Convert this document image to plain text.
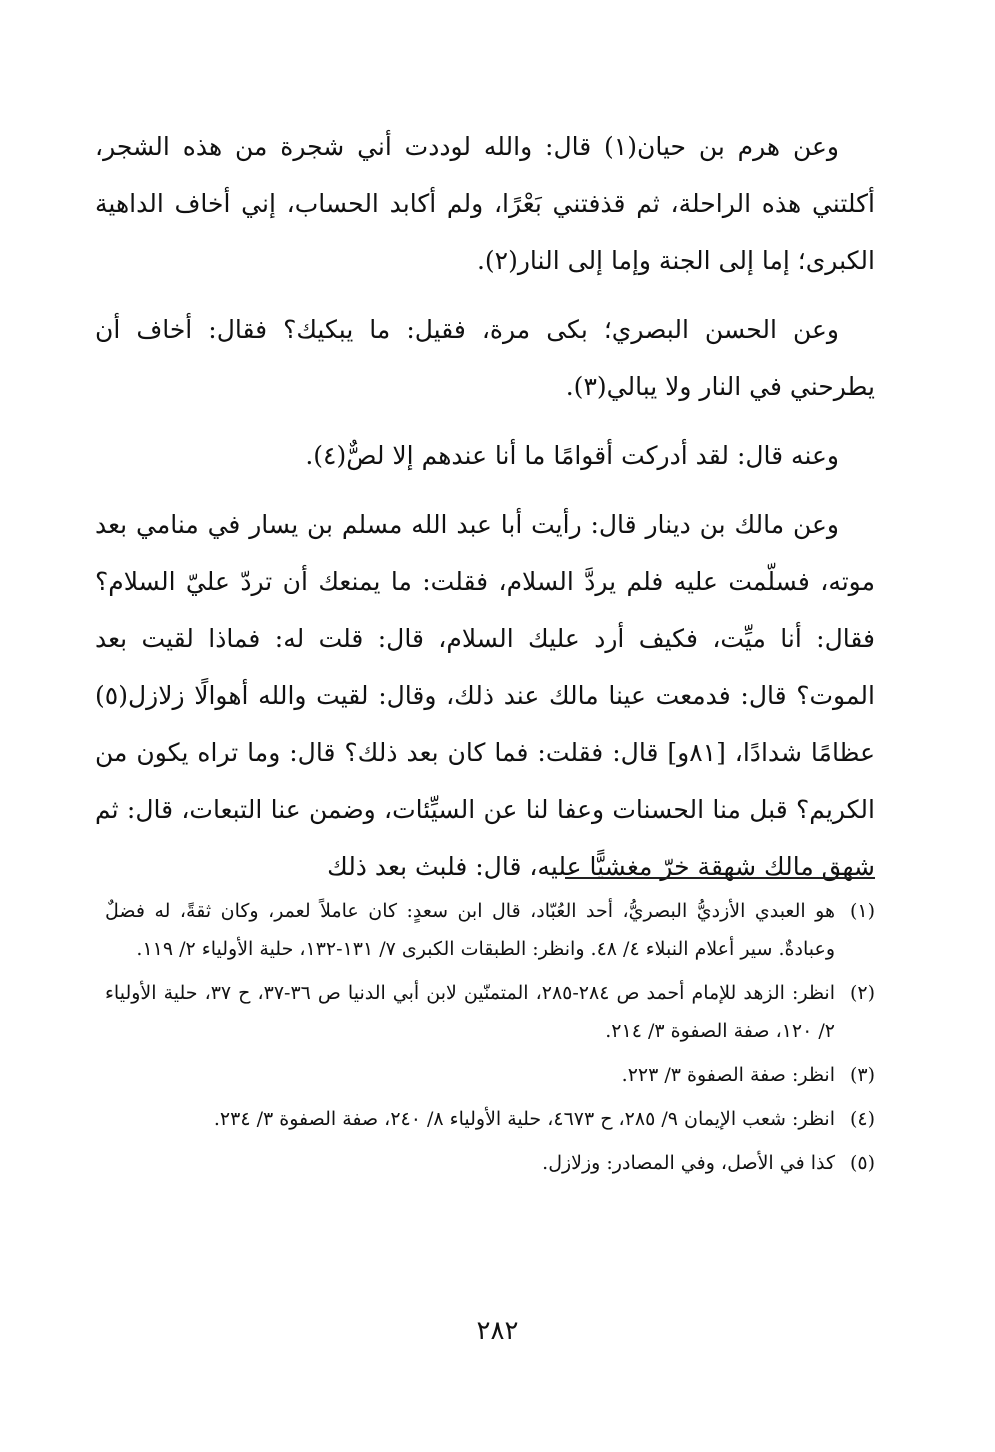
وعن هرم بن حيان(١) قال: والله لوددت أني شجرة من هذه الشجر، أكلتني هذه الراحلة، ثم قذفتني بَعْرًا، ولم أكابد الحساب، إني أخاف الداهية الكبرى؛ إما إلى الجنة وإما إلى النار(٢).

وعن الحسن البصري؛ بكى مرة، فقيل: ما يبكيك؟ فقال: أخاف أن يطرحني في النار ولا يبالي(٣).

وعنه قال: لقد أدركت أقوامًا ما أنا عندهم إلا لصٌّ(٤).

وعن مالك بن دينار قال: رأيت أبا عبد الله مسلم بن يسار في منامي بعد موته، فسلّمت عليه فلم يردَّ السلام، فقلت: ما يمنعك أن تردّ عليّ السلام؟ فقال: أنا ميِّت، فكيف أرد عليك السلام، قال: قلت له: فماذا لقيت بعد الموت؟ قال: فدمعت عينا مالك عند ذلك، وقال: لقيت والله أهوالًا زلازل(٥) عظامًا شدادًا، [٨١و] قال: فقلت: فما كان بعد ذلك؟ قال: وما تراه يكون من الكريم؟ قبل منا الحسنات وعفا لنا عن السيِّئات، وضمن عنا التبعات، قال: ثم شهق مالك شهقة خرّ مغشيًّا عليه، قال: فلبث بعد ذلك

(١)
هو العبدي الأزديُّ البصريُّ، أحد العُبّاد، قال ابن سعدٍ: كان عاملاً لعمر، وكان ثقةً، له فضلٌ وعبادةٌ. سير أعلام النبلاء ٤/ ٤٨. وانظر: الطبقات الكبرى ٧/ ١٣١-١٣٢، حلية الأولياء ٢/ ١١٩.
(٢)
انظر: الزهد للإمام أحمد ص ٢٨٤-٢٨٥، المتمنّين لابن أبي الدنيا ص ٣٦-٣٧، ح ٣٧، حلية الأولياء ٢/ ١٢٠، صفة الصفوة ٣/ ٢١٤.
(٣)
انظر: صفة الصفوة ٣/ ٢٢٣.
(٤)
انظر: شعب الإيمان ٩/ ٢٨٥، ح ٤٦٧٣، حلية الأولياء ٨/ ٢٤٠، صفة الصفوة ٣/ ٢٣٤.
(٥)
كذا في الأصل، وفي المصادر: وزلازل.
٢٨٢
